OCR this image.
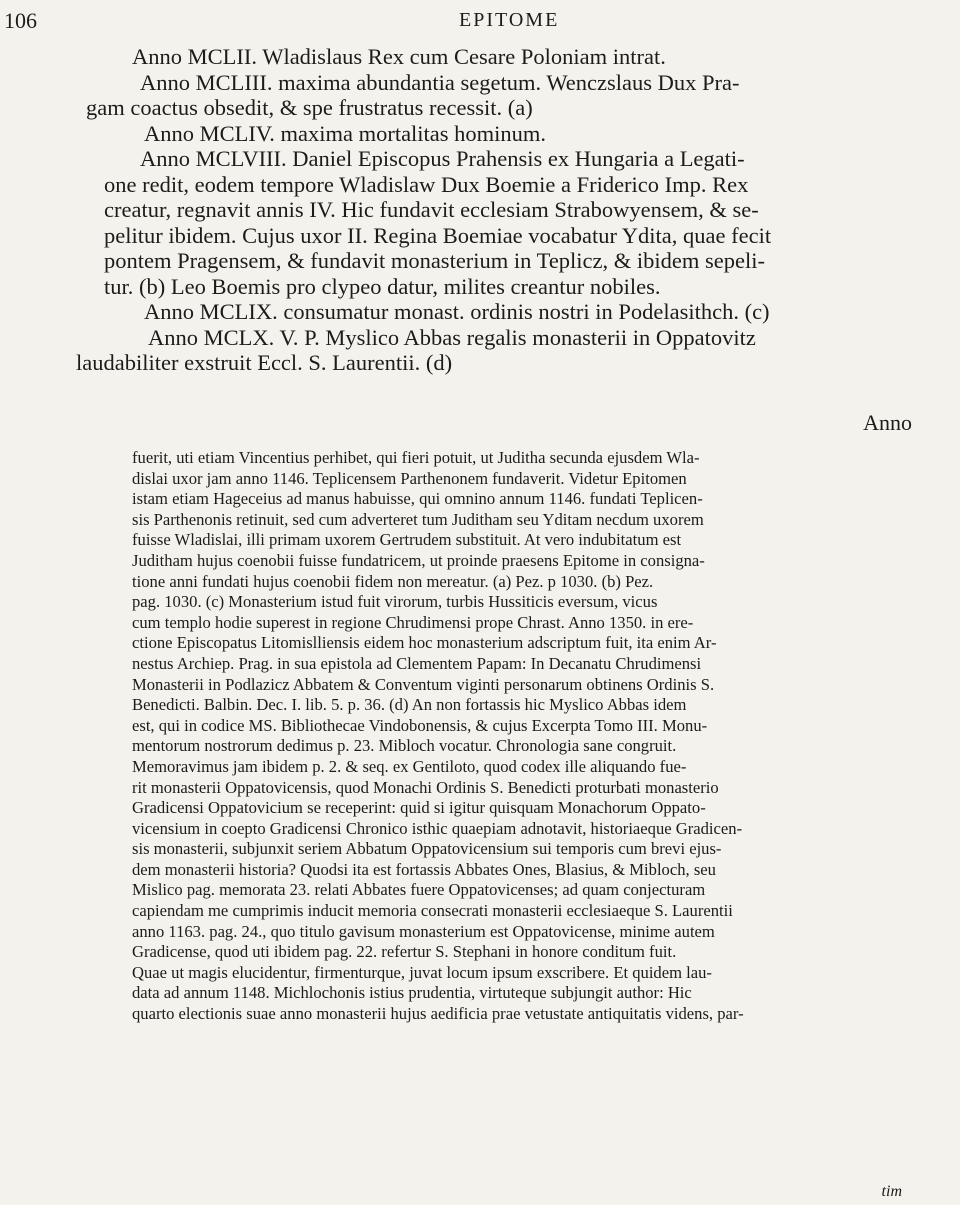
106	EPITOME
Anno MCLII. Wladislaus Rex cum Cesare Poloniam intrat.
Anno MCLIII. maxima abundantia segetum. Wenczslaus Dux Pra-
gam coactus obsedit, & spe frustratus recessit. (a)
Anno MCLIV. maxima mortalitas hominum.
Anno MCLVIII. Daniel Episcopus Prahensis ex Hungaria a Legati-
one redit, eodem tempore Wladislaw Dux Boemie a Friderico Imp. Rex
creatur, regnavit annis IV. Hic fundavit ecclesiam Strabowyensem, & se-
pelitur ibidem. Cujus uxor II. Regina Boemiae vocabatur Ydita, quae fecit
pontem Pragensem, & fundavit monasterium in Teplicz, & ibidem sepeli-
tur. (b) Leo Boemis pro clypeo datur, milites creantur nobiles.
Anno MCLIX. consumatur monast. ordinis nostri in Podelasithch. (c)
Anno MCLX. V. P. Myslico Abbas regalis monasterii in Oppatovitz
laudabiliter exstruit Eccl. S. Laurentii. (d)
Anno
fuerit, uti etiam Vincentius perhibet, qui fieri potuit, ut Juditha secunda ejusdem Wla-
dislai uxor jam anno 1146. Teplicensem Parthenonem fundaverit. Videtur Epitomen
istam etiam Hageceius ad manus habuisse, qui omnino annum 1146. fundati Teplicen-
sis Parthenonis retinuit, sed cum adverteret tum Juditham seu Yditam necdum uxorem
fuisse Wladislai, illi primam uxorem Gertrudem substituit. At vero indubitatum est
Juditham hujus coenobii fuisse fundatricem, ut proinde praesens Epitome in consigna-
tione anni fundati hujus coenobii fidem non mereatur. (a) Pez. p 1030. (b) Pez.
pag. 1030. (c) Monasterium istud fuit virorum, turbis Hussiticis eversum, vicus
cum templo hodie superest in regione Chrudimensi prope Chrast. Anno 1350. in ere-
ctione Episcopatus Litomislliensis eidem hoc monasterium adscriptum fuit, ita enim Ar-
nestus Archiep. Prag. in sua epistola ad Clementem Papam: In Decanatu Chrudimensi
Monasterii in Podlazicz Abbatem & Conventum viginti personarum obtinens Ordinis S.
Benedicti. Balbin. Dec. I. lib. 5. p. 36. (d) An non fortassis hic Myslico Abbas idem
est, qui in codice MS. Bibliothecae Vindobonensis, & cujus Excerpta Tomo III. Monu-
mentorum nostrorum dedimus p. 23. Mibloch vocatur. Chronologia sane congruit.
Memoravimus jam ibidem p. 2. & seq. ex Gentiloto, quod codex ille aliquando fue-
rit monasterii Oppatovicensis, quod Monachi Ordinis S. Benedicti proturbati monasterio
Gradicensi Oppatovicium se receperint: quid si igitur quisquam Monachorum Oppato-
vicensium in coepto Gradicensi Chronico isthic quaepiam adnotavit, historiaeque Gradicen-
sis monasterii, subjunxit seriem Abbatum Oppatovicensium sui temporis cum brevi ejus-
dem monasterii historia? Quodsi ita est fortassis Abbates Ones, Blasius, & Mibloch, seu
Mislico pag. memorata 23. relati Abbates fuere Oppatovicenses; ad quam conjecturam
capiendam me cumprimis inducit memoria consecrati monasterii ecclesiaeque S. Laurentii
anno 1163. pag. 24., quo titulo gavisum monasterium est Oppatovicense, minime autem
Gradicense, quod uti ibidem pag. 22. refertur S. Stephani in honore conditum fuit.
Quae ut magis elucidentur, firmenturque, juvat locum ipsum exscribere. Et quidem lau-
data ad annum 1148. Michlochonis istius prudentia, virtuteque subjungit author: Hic
quarto electionis suae anno monasterii hujus aedificia prae vetustate antiquitatis videns, par-
tim
